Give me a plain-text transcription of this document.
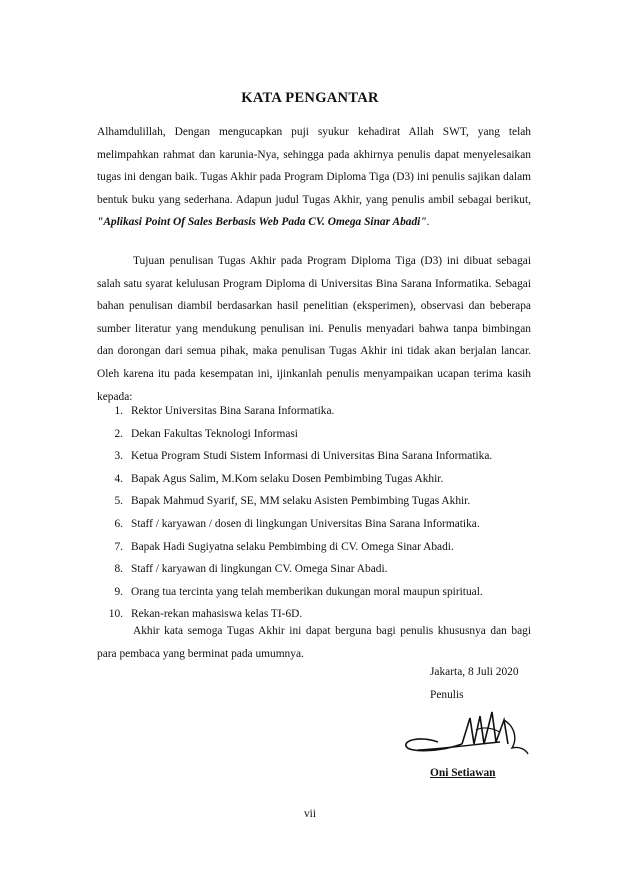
KATA PENGANTAR

Alhamdulillah, Dengan mengucapkan puji syukur kehadirat Allah SWT, yang telah melimpahkan rahmat dan karunia-Nya, sehingga pada akhirnya penulis dapat menyelesaikan tugas ini dengan baik. Tugas Akhir pada Program Diploma Tiga (D3) ini penulis sajikan dalam bentuk buku yang sederhana. Adapun judul Tugas Akhir, yang penulis ambil sebagai berikut, "Aplikasi Point Of Sales Berbasis Web Pada CV. Omega Sinar Abadi".

Tujuan penulisan Tugas Akhir pada Program Diploma Tiga (D3) ini dibuat sebagai salah satu syarat kelulusan Program Diploma di Universitas Bina Sarana Informatika. Sebagai bahan penulisan diambil berdasarkan hasil penelitian (eksperimen), observasi dan beberapa sumber literatur yang mendukung penulisan ini. Penulis menyadari bahwa tanpa bimbingan dan dorongan dari semua pihak, maka penulisan Tugas Akhir ini tidak akan berjalan lancar. Oleh karena itu pada kesempatan ini, ijinkanlah penulis menyampaikan ucapan terima kasih kepada:

1. Rektor Universitas Bina Sarana Informatika.
2. Dekan Fakultas Teknologi Informasi
3. Ketua Program Studi Sistem Informasi di Universitas Bina Sarana Informatika.
4. Bapak Agus Salim, M.Kom selaku Dosen Pembimbing Tugas Akhir.
5. Bapak Mahmud Syarif, SE, MM selaku Asisten Pembimbing Tugas Akhir.
6. Staff / karyawan / dosen di lingkungan Universitas Bina Sarana Informatika.
7. Bapak Hadi Sugiyatna selaku Pembimbing di CV. Omega Sinar Abadi.
8. Staff / karyawan di lingkungan CV. Omega Sinar Abadi.
9. Orang tua tercinta yang telah memberikan dukungan moral maupun spiritual.
10. Rekan-rekan mahasiswa kelas TI-6D.

Akhir kata semoga Tugas Akhir ini dapat berguna bagi penulis khususnya dan bagi para pembaca yang berminat pada umumnya.

Jakarta, 8 Juli 2020
Penulis
Oni Setiawan
vii
